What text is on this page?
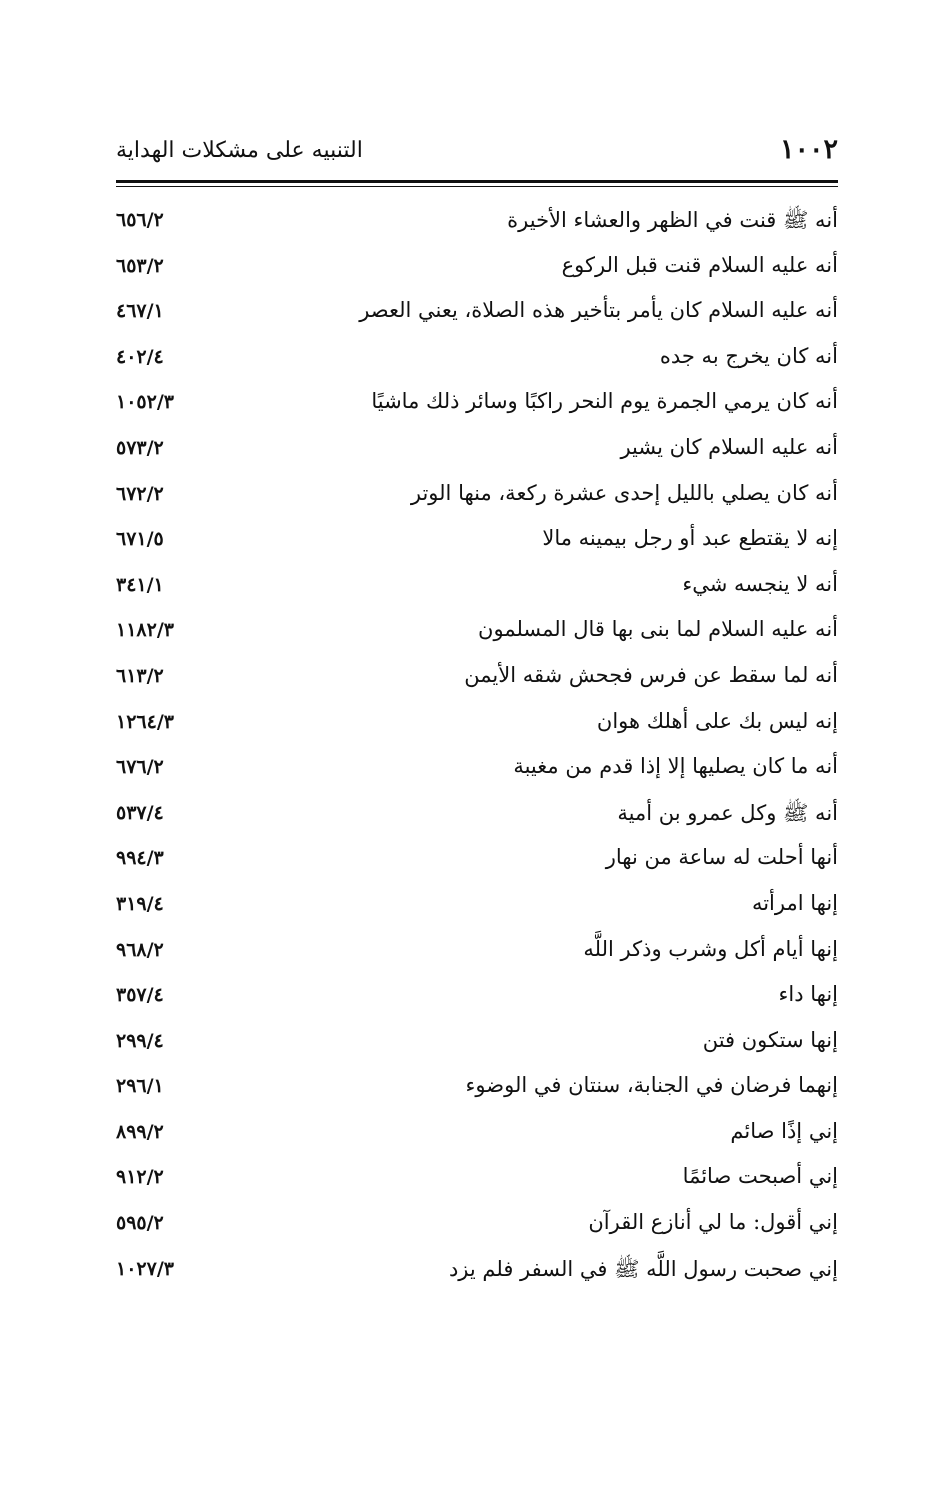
١٠٠٢
التنبيه على مشكلات الهداية
أنه ﷺ قنت في الظهر والعشاء الأخيرة
٦٥٦/٢
أنه عليه السلام قنت قبل الركوع
٦٥٣/٢
أنه عليه السلام كان يأمر بتأخير هذه الصلاة، يعني العصر
٤٦٧/١
أنه كان يخرج به جده
٤٠٢/٤
أنه كان يرمي الجمرة يوم النحر راكبًا وسائر ذلك ماشيًا
١٠٥٢/٣
أنه عليه السلام كان يشير
٥٧٣/٢
أنه كان يصلي بالليل إحدى عشرة ركعة، منها الوتر
٦٧٢/٢
إنه لا يقتطع عبد أو رجل بيمينه مالا
٦٧١/٥
أنه لا ينجسه شيء
٣٤١/١
أنه عليه السلام لما بنى بها قال المسلمون
١١٨٢/٣
أنه لما سقط عن فرس فجحش شقه الأيمن
٦١٣/٢
إنه ليس بك على أهلك هوان
١٢٦٤/٣
أنه ما كان يصليها إلا إذا قدم من مغيبة
٦٧٦/٢
أنه ﷺ وكل عمرو بن أمية
٥٣٧/٤
أنها أحلت له ساعة من نهار
٩٩٤/٣
إنها امرأته
٣١٩/٤
إنها أيام أكل وشرب وذكر اللَّه
٩٦٨/٢
إنها داء
٣٥٧/٤
إنها ستكون فتن
٢٩٩/٤
إنهما فرضان في الجنابة، سنتان في الوضوء
٢٩٦/١
إني إذًا صائم
٨٩٩/٢
إني أصبحت صائمًا
٩١٢/٢
إني أقول: ما لي أنازع القرآن
٥٩٥/٢
إني صحبت رسول اللَّه ﷺ في السفر فلم يزد
١٠٢٧/٣
